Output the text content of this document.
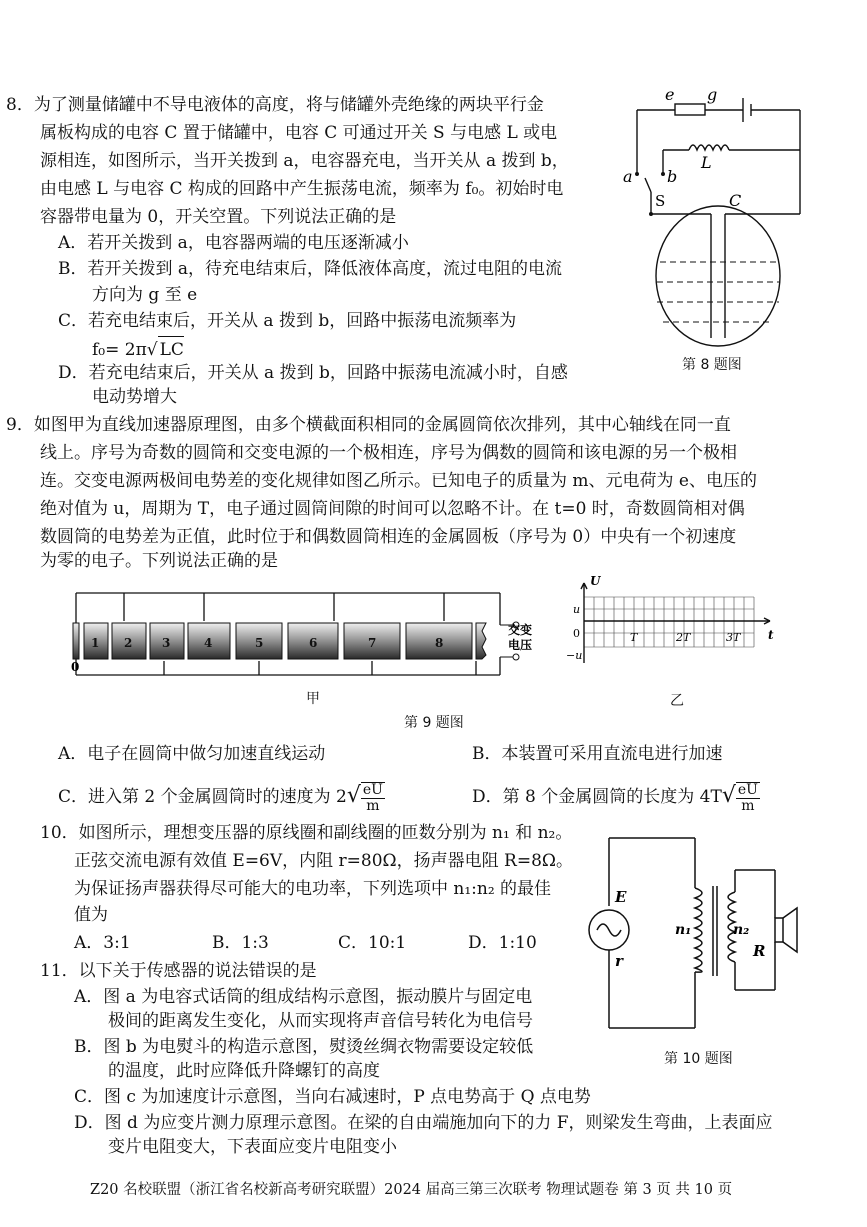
8．为了测量储罐中不导电液体的高度，将与储罐外壳绝缘的两块平行金
属板构成的电容 C 置于储罐中，电容 C 可通过开关 S 与电感 L 或电
源相连，如图所示，当开关拨到 a，电容器充电，当开关从 a 拨到 b，
由电感 L 与电容 C 构成的回路中产生振荡电流，频率为 f₀。初始时电
容器带电量为 0，开关空置。下列说法正确的是
A．若开关拨到 a，电容器两端的电压逐渐减小
B．若开关拨到 a，待充电结束后，降低液体高度，流过电阻的电流
方向为 g 至 e
C．若充电结束后，开关从 a 拨到 b，回路中振荡电流频率为
f₀= 2π√ LC
D．若充电结束后，开关从 a 拨到 b，回路中振荡电流减小时，自感
电动势增大
e g
L
b
a
S	C
第 8 题图
9．如图甲为直线加速器原理图，由多个横截面积相同的金属圆筒依次排列，其中心轴线在同一直
线上。序号为奇数的圆筒和交变电源的一个极相连，序号为偶数的圆筒和该电源的另一个极相
连。交变电源两极间电势差的变化规律如图乙所示。已知电子的质量为 m、元电荷为 e、电压的
绝对值为 u，周期为 T，电子通过圆筒间隙的时间可以忽略不计。在 t=0 时，奇数圆筒相对偶
数圆筒的电势差为正值，此时位于和偶数圆筒相连的金属圆板（序号为 0）中央有一个初速度
为零的电子。下列说法正确的是
1 2 3	4	5	6	7	8
0
交变
电压
甲
U
t
u
0
−u
T	2T	3T
乙
第 9 题图
A．电子在圆筒中做匀加速直线运动	B．本装置可采用直流电进行加速
C．进入第 2 个金属圆筒时的速度为 $2√ \frac{eU}{m}$	D．第 8 个金属圆筒的长度为 $4T√ \frac{eU}{m}$
10．如图所示，理想变压器的原线圈和副线圈的匝数分别为 n₁ 和 n₂。
正弦交流电源有效值 E=6V，内阻 r=80Ω，扬声器电阻 R=8Ω。
为保证扬声器获得尽可能大的电功率，下列选项中 n₁:n₂ 的最佳
值为
A．3:1	B．1:3	C．10:1	D．1:10
E
r
n₁	n₂
R
第 10 题图
11．以下关于传感器的说法错误的是
A．图 a 为电容式话筒的组成结构示意图，振动膜片与固定电
极间的距离发生变化，从而实现将声音信号转化为电信号
B．图 b 为电熨斗的构造示意图，熨烫丝绸衣物需要设定较低
的温度，此时应降低升降螺钉的高度
C．图 c 为加速度计示意图，当向右减速时，P 点电势高于 Q 点电势
D．图 d 为应变片测力原理示意图。在梁的自由端施加向下的力 F，则梁发生弯曲，上表面应
变片电阻变大，下表面应变片电阻变小
Z20 名校联盟（浙江省名校新高考研究联盟）2024 届高三第三次联考 物理试题卷 第 3 页 共 10 页
